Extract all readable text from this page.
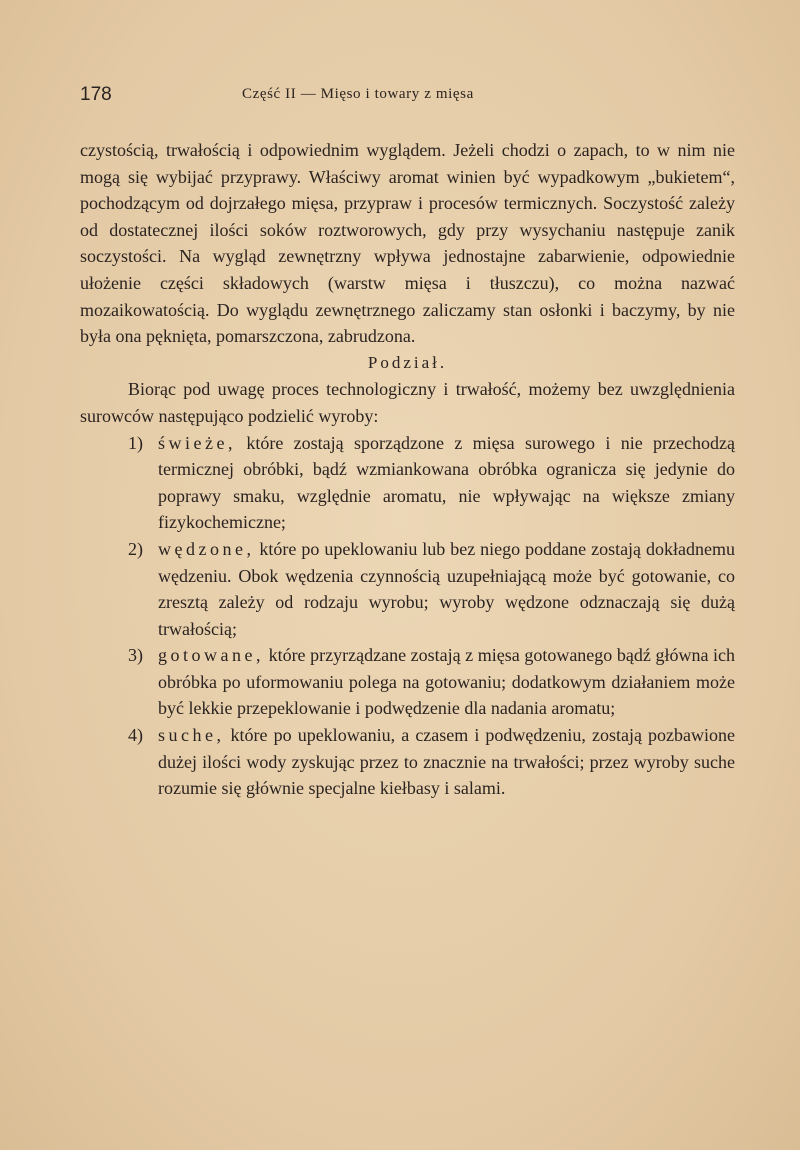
178	Część II — Mięso i towary z mięsa

czystością, trwałością i odpowiednim wyglądem. Jeżeli chodzi o zapach, to w nim nie mogą się wybijać przyprawy. Właściwy aromat winien być wypadkowym „bukietem“, pochodzącym od dojrzałego mięsa, przypraw i procesów termicznych. Soczystość zależy od dostatecznej ilości soków roztworowych, gdy przy wysychaniu następuje zanik soczystości. Na wygląd zewnętrzny wpływa jednostajne zabarwienie, odpowiednie ułożenie części składowych (warstw mięsa i tłuszczu), co można nazwać mozaikowatością. Do wyglądu zewnętrznego zaliczamy stan osłonki i baczymy, by nie była ona pęknięta, pomarszczona, zabrudzona.

Podział.

Biorąc pod uwagę proces technologiczny i trwałość, możemy bez uwzględnienia surowców następująco podzielić wyroby:

1) świeże, które zostają sporządzone z mięsa surowego i nie przechodzą termicznej obróbki, bądź wzmiankowana obróbka ogranicza się jedynie do poprawy smaku, względnie aromatu, nie wpływając na większe zmiany fizykochemiczne;
2) wędzone, które po upeklowaniu lub bez niego poddane zostają dokładnemu wędzeniu. Obok wędzenia czynnością uzupełniającą może być gotowanie, co zresztą zależy od rodzaju wyrobu; wyroby wędzone odznaczają się dużą trwałością;
3) gotowane, które przyrządzane zostają z mięsa gotowanego bądź główna ich obróbka po uformowaniu polega na gotowaniu; dodatkowym działaniem może być lekkie przepeklowanie i podwędzenie dla nadania aromatu;
4) suche, które po upeklowaniu, a czasem i podwędzeniu, zostają pozbawione dużej ilości wody zyskując przez to znacznie na trwałości; przez wyroby suche rozumie się głównie specjalne kiełbasy i salami.
